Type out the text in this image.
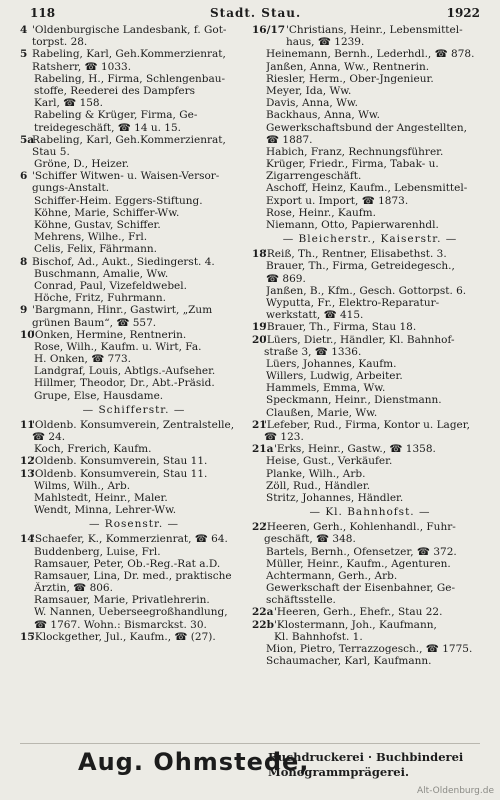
118	Stadt. Stau.	1922
4 'Oldenburgische Landesbank, f. Got-
torpst. 28.
5 Rabeling, Karl, Geh.Kommerzienrat,
Ratsherr, ☎ 1033.
Rabeling, H., Firma, Schlengenbau-
stoffe, Reederei des Dampfers
Karl, ☎ 158.
Rabeling & Krüger, Firma, Ge-
treidegeschäft, ☎ 14 u. 15.
5a
Rabeling, Karl, Geh.Kommerzienrat,
Stau 5.
Gröne, D., Heizer.
6 'Schiffer Witwen- u. Waisen-Versor-
gungs-Anstalt.
Schiffer-Heim. Eggers-Stiftung.
Köhne, Marie, Schiffer-Ww.
Köhne, Gustav, Schiffer.
Mehrens, Wilhe., Frl.
Celis, Felix, Fährmann.
8 Bischof, Ad., Aukt., Siedingerst. 4.
Buschmann, Amalie, Ww.
Conrad, Paul, Vizefeldwebel.
Höche, Fritz, Fuhrmann.
9 'Bargmann, Hinr., Gastwirt, „Zum
grünen Baum“, ☎ 557.
10
'Onken, Hermine, Rentnerin.
Rose, Wilh., Kaufm. u. Wirt, Fa.
H. Onken, ☎ 773.
Landgraf, Louis, Abtlgs.-Aufseher.
Hillmer, Theodor, Dr., Abt.-Präsid.
Grupe, Else, Hausdame.
— Schifferstr. —
11
'Oldenb. Konsumverein, Zentralstelle,
☎ 24.
Koch, Frerich, Kaufm.
12
'Oldenb. Konsumverein, Stau 11.
13
'Oldenb. Konsumverein, Stau 11.
Wilms, Wilh., Arb.
Mahlstedt, Heinr., Maler.
Wendt, Minna, Lehrer-Ww.
— Rosenstr. —
14
'Schaefer, K., Kommerzienrat, ☎ 64.
Buddenberg, Luise, Frl.
Ramsauer, Peter, Ob.-Reg.-Rat a.D.
Ramsauer, Lina, Dr. med., praktische
Ärztin, ☎ 806.
Ramsauer, Marie, Privatlehrerin.
W. Nannen, Ueberseegroßhandlung,
☎ 1767. Wohn.: Bismarckst. 30.
15
'Klockgether, Jul., Kaufm., ☎ (27).
16/17 'Christians, Heinr., Lebensmittel-
haus, ☎ 1239.
Heinemann, Bernh., Lederhdl., ☎ 878.
Janßen, Anna, Ww., Rentnerin.
Riesler, Herm., Ober-Jngenieur.
Meyer, Ida, Ww.
Davis, Anna, Ww.
Backhaus, Anna, Ww.
Gewerkschaftsbund der Angestellten,
☎ 1887.
Habich, Franz, Rechnungsführer.
Krüger, Friedr., Firma, Tabak- u.
Zigarrengeschäft.
Aschoff, Heinz, Kaufm., Lebensmittel-
Export u. Import, ☎ 1873.
Rose, Heinr., Kaufm.
Niemann, Otto, Papierwarenhdl.
— Bleicherstr., Kaiserstr. —
18
'Reiß, Th., Rentner, Elisabethst. 3.
Brauer, Th., Firma, Getreidegesch.,
☎ 869.
Janßen, B., Kfm., Gesch. Gottorpst. 6.
Wyputta, Fr., Elektro-Reparatur-
werkstatt, ☎ 415.
19
'Brauer, Th., Firma, Stau 18.
20
'Lüers, Dietr., Händler, Kl. Bahnhof-
straße 3, ☎ 1336.
Lüers, Johannes, Kaufm.
Willers, Ludwig, Arbeiter.
Hammels, Emma, Ww.
Speckmann, Heinr., Dienstmann.
Claußen, Marie, Ww.
21
'Lefeber, Rud., Firma, Kontor u. Lager,
☎ 123.
21a 'Erks, Heinr., Gastw., ☎ 1358.
Heise, Gust., Verkäufer.
Planke, Wilh., Arb.
Zöll, Rud., Händler.
Stritz, Johannes, Händler.
— Kl. Bahnhofst. —
22
'Heeren, Gerh., Kohlenhandl., Fuhr-
geschäft, ☎ 348.
Bartels, Bernh., Ofensetzer, ☎ 372.
Müller, Heinr., Kaufm., Agenturen.
Achtermann, Gerh., Arb.
Gewerkschaft der Eisenbahner, Ge-
schäftsstelle.
22a 'Heeren, Gerh., Ehefr., Stau 22.
22b 'Klostermann, Joh., Kaufmann,
Kl. Bahnhofst. 1.
Mion, Pietro, Terrazzogesch., ☎ 1775.
Schaumacher, Karl, Kaufmann.
Aug. Ohmstede,
Buchdruckerei · Buchbinderei
Monogrammprägerei.
Alt-Oldenburg.de
